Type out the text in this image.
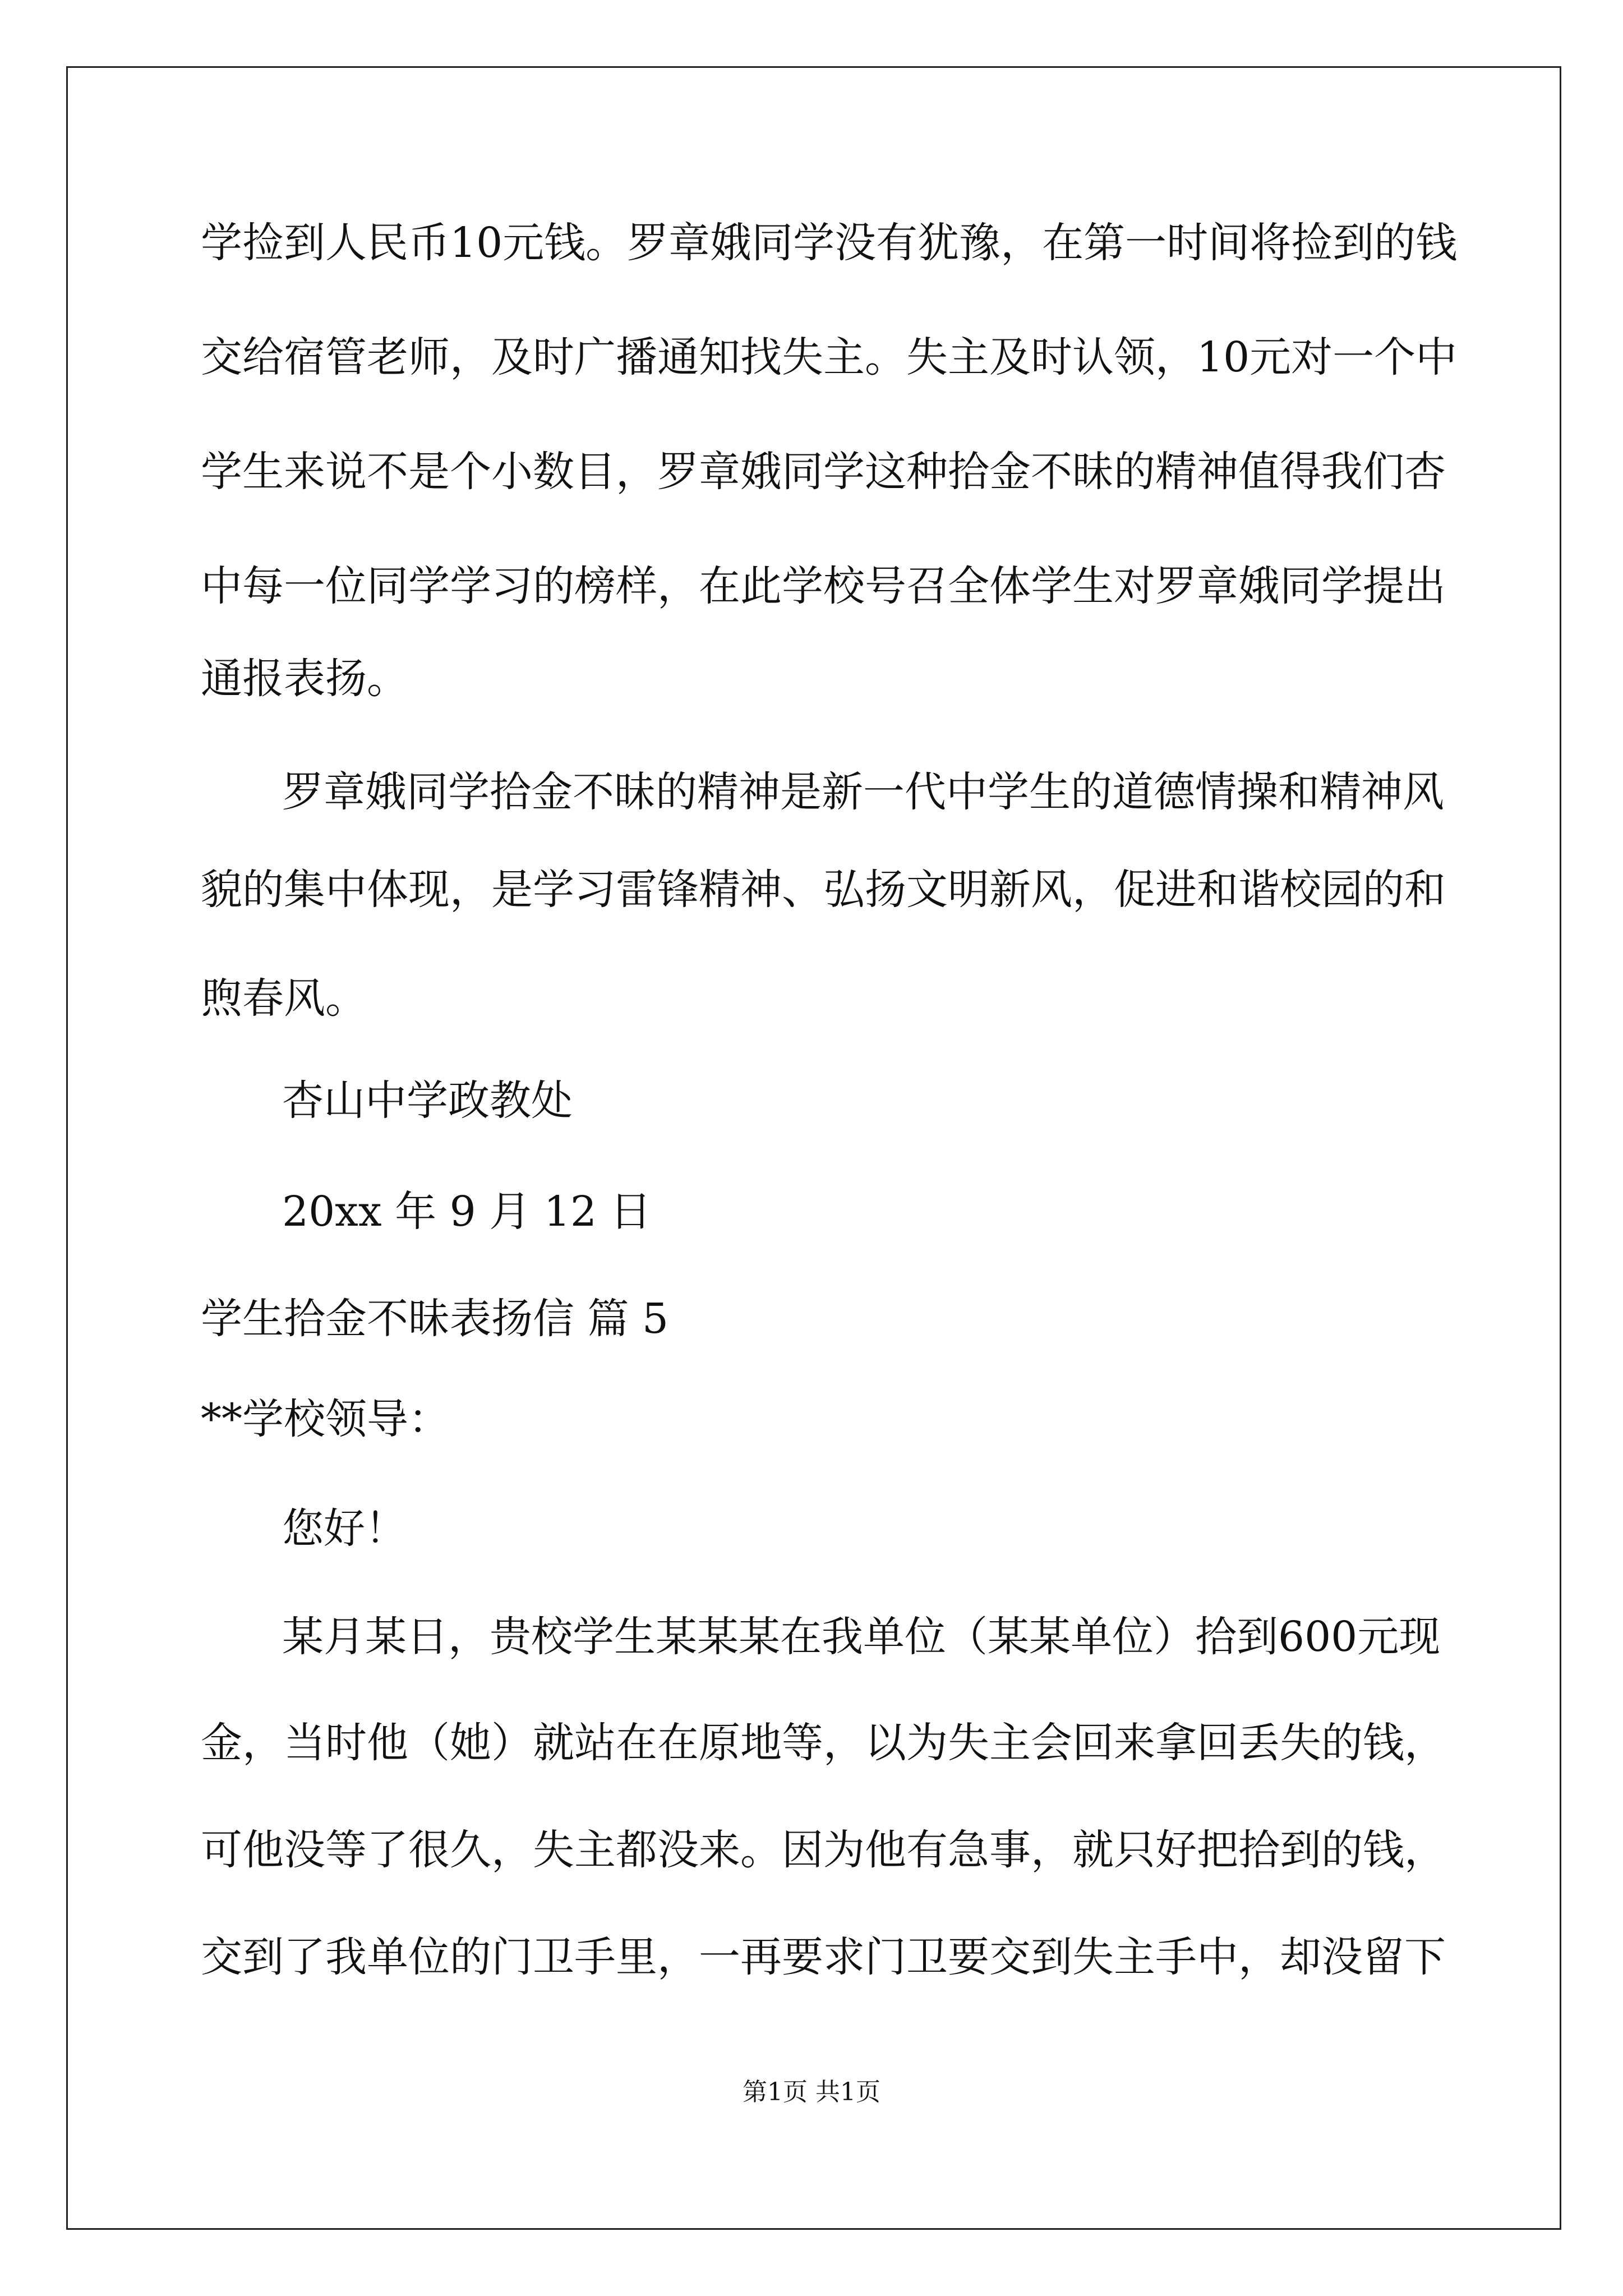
学捡到人民币10元钱。罗章娥同学没有犹豫，在第一时间将捡到的钱
交给宿管老师，及时广播通知找失主。失主及时认领，10元对一个中
学生来说不是个小数目，罗章娥同学这种拾金不昧的精神值得我们杏
中每一位同学学习的榜样，在此学校号召全体学生对罗章娥同学提出
通报表扬。
罗章娥同学拾金不昧的精神是新一代中学生的道德情操和精神风
貌的集中体现，是学习雷锋精神、弘扬文明新风，促进和谐校园的和
煦春风。
杏山中学政教处
20xx 年 9 月 12 日
学生拾金不昧表扬信 篇 5
**学校领导：
您好！
某月某日，贵校学生某某某在我单位（某某单位）拾到600元现
金，当时他（她）就站在在原地等，以为失主会回来拿回丢失的钱，
可他没等了很久，失主都没来。因为他有急事，就只好把拾到的钱，
交到了我单位的门卫手里，一再要求门卫要交到失主手中，却没留下
第1页 共1页
